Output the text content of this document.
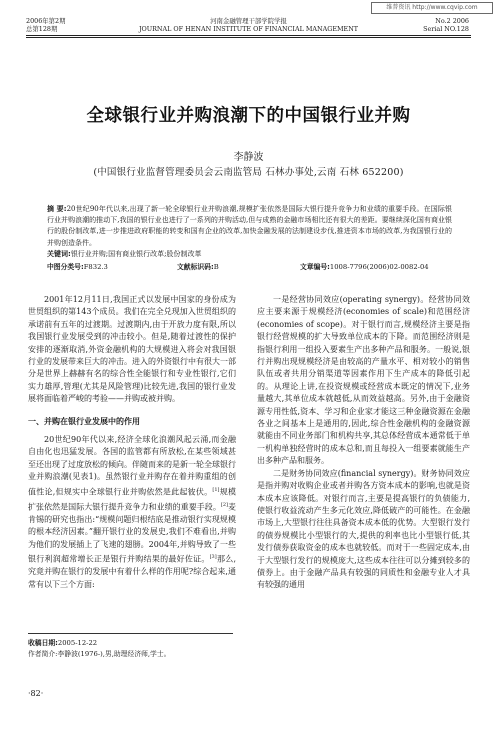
维普资讯 http://www.cqvip.com
2006年第2期
总第128期
河南金融管理干部学院学报
JOURNAL OF HENAN INSTITUTE OF FINANCIAL MANAGEMENT
No.2 2006
Serial NO.128
全球银行业并购浪潮下的中国银行业并购
李静波
(中国银行业监督管理委员会云南监管局 石林办事处,云南 石林 652200)
摘 要:20世纪90年代以来,出现了新一轮全球银行业并购浪潮,规模扩张依然是国际大银行提升竞争力和业绩的重要手段。在国际银行业并购浪潮的推动下,我国的银行业也进行了一系列的并购活动,但与成熟的金融市场相比还有很大的差距。要继续深化国有商业银行的股份制改革,进一步推进政府职能的转变和国有企业的改革,加快金融发展的法制建设步伐,推进资本市场的改革,为我国银行业的并购创造条件。
关键词:银行业并购;国有商业银行改革;股份制改革
中图分类号:F832.3	文献标识码:B	文章编号:1008-7796(2006)02-0082-04

2001年12月11日,我国正式以发展中国家的身份成为世贸组织的第143个成员。我们在完全兑现加入世贸组织的承诺前有五年的过渡期。过渡期内,由于开放力度有限,所以我国银行业发展受到的冲击较小。但是,随着过渡性的保护安排的逐渐取消,外资金融机构的大规模进入将会对我国银行业的发展带来巨大的冲击。进入的外资银行中有很大一部分是世界上赫赫有名的综合性全能银行和专业性银行,它们实力雄厚,管理(尤其是风险管理)比较先进,我国的银行业发展将面临着严峻的考验——并购或被并购。

一、并购在银行业发展中的作用

20世纪90年代以来,经济全球化浪潮风起云涌,而金融自由化也迅猛发展。各国的监管都有所放松,在某些领域甚至还出现了过度放松的倾向。伴随而来的是新一轮全球银行业并购浪潮(见表1)。虽然银行业并购存在着并购重组的创值性论,但规实中全球银行业并购依然是此起彼伏。[1]规模扩张依然是国际大银行提升竞争力和业绩的重要手段。[2]麦肯锡的研究也指出:“规模问题归根结底是推动银行实现规模的根本经济因素。”翻开银行业的发展史,我们不难看出,并购为他们的发展插上了飞速的翅膀。2004年,并购导致了一些银行利润超常增长正是银行并购结果的最好佐证。[3]那么,究竟并购在银行的发展中有着什么样的作用呢?综合起来,通常有以下三个方面:

一是经营协同效应(operating synergy)。经营协同效应主要来源于规模经济(economies of scale)和范围经济(economies of scope)。对于银行而言,规模经济主要是指银行经营规模的扩大导致单位成本的下降。而范围经济则是指银行利用一组投入要素生产出多种产品和服务。一般说,银行并购出现规模经济是由较高的产量水平、相对较小的销售队伍或者共用分销渠道等因素作用下生产成本的降低引起的。从理论上讲,在投资规模或经营成本既定的情况下,业务量越大,其单位成本就越低,从而效益越高。另外,由于金融资源专用性低,资本、学习和企业家才能这三种金融资源在金融各业之间基本上是通用的,因此,综合性金融机构的金融资源就能由不同业务部门和机构共享,其总体经营成本通常低于单一机构单独经营时的成本总和,而且每投入一组要素就能生产出多种产品和服务。

二是财务协同效应(financial synergy)。财务协同效应是指并购对收购企业或者并购各方资本成本的影响,也就是资本成本应该降低。对银行而言,主要是提高银行的负债能力,使银行收益流动产生多元化效应,降低破产的可能性。在金融市场上,大型银行往往具备资本成本低的优势。大型银行发行的债券规模比小型银行的大,提供的利率也比小型银行低,其发行债券获取资金的成本也就较低。而对于一些固定成本,由于大型银行发行的规模庞大,这些成本往往可以分摊到较多的债券上。由于金融产品具有较强的同质性和金融专业人才具有较强的通用

收稿日期:2005-12-22
作者简介:李静波(1976-),男,助理经济师,学士。
·82·
